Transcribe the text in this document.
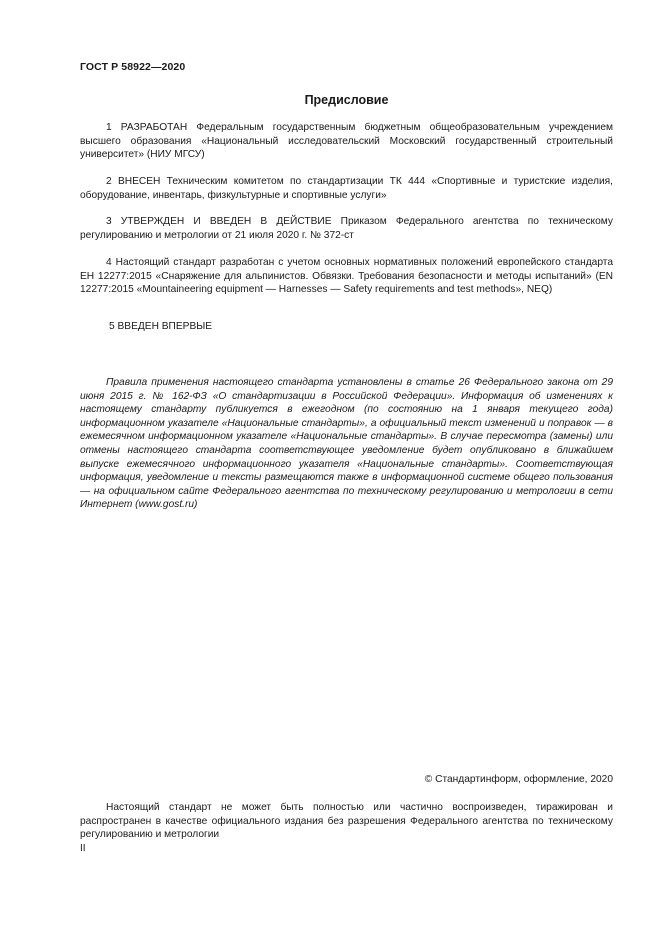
ГОСТ Р 58922—2020
Предисловие

1 РАЗРАБОТАН Федеральным государственным бюджетным общеобразовательным учреждением высшего образования «Национальный исследовательский Московский государственный строительный университет» (НИУ МГСУ)

2 ВНЕСЕН Техническим комитетом по стандартизации ТК 444 «Спортивные и туристские изделия, оборудование, инвентарь, физкультурные и спортивные услуги»

3 УТВЕРЖДЕН И ВВЕДЕН В ДЕЙСТВИЕ Приказом Федерального агентства по техническому регулированию и метрологии от 21 июля 2020 г. № 372-ст

4 Настоящий стандарт разработан с учетом основных нормативных положений европейского стандарта ЕН 12277:2015 «Снаряжение для альпинистов. Обвязки. Требования безопасности и методы испытаний» (EN 12277:2015 «Mountaineering equipment — Harnesses — Safety requirements and test methods», NEQ)

5 ВВЕДЕН ВПЕРВЫЕ

Правила применения настоящего стандарта установлены в статье 26 Федерального закона от 29 июня 2015 г. № 162-ФЗ «О стандартизации в Российской Федерации». Информация об изменениях к настоящему стандарту публикуется в ежегодном (по состоянию на 1 января текущего года) информационном указателе «Национальные стандарты», а официальный текст изменений и поправок — в ежемесячном информационном указателе «Национальные стандарты». В случае пересмотра (замены) или отмены настоящего стандарта соответствующее уведомление будет опубликовано в ближайшем выпуске ежемесячного информационного указателя «Национальные стандарты». Соответствующая информация, уведомление и тексты размещаются также в информационной системе общего пользования — на официальном сайте Федерального агентства по техническому регулированию и метрологии в сети Интернет (www.gost.ru)

© Стандартинформ, оформление, 2020

Настоящий стандарт не может быть полностью или частично воспроизведен, тиражирован и распространен в качестве официального издания без разрешения Федерального агентства по техническому регулированию и метрологии

II
